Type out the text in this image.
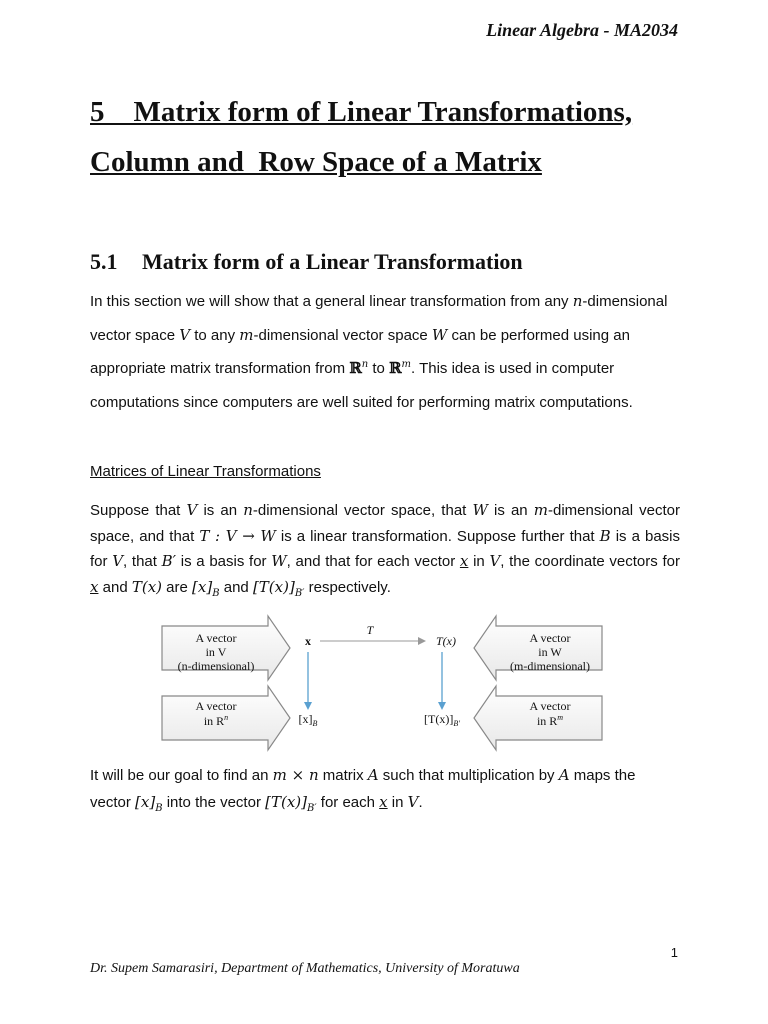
Linear Algebra - MA2034
5    Matrix form of Linear Transformations,
Column and  Row Space of a Matrix
5.1 Matrix form of a Linear Transformation
In this section we will show that a general linear transformation from any n-dimensional vector space V to any m-dimensional vector space W can be performed using an appropriate matrix transformation from ℝ$^n$ to ℝ$^m$. This idea is used in computer computations since computers are well suited for performing matrix computations.
Matrices of Linear Transformations
Suppose that V is an n-dimensional vector space, that W is an m-dimensional vector space, and that T : V → W is a linear transformation. Suppose further that B is a basis for V, that B′ is a basis for W, and that for each vector x in V, the coordinate vectors for x and T(x) are $[x]_B$ and $[T(x)]_{B'}$ respectively.
A vector
in V
(n-dimensional)
A vector
in $R^n$
A vector
in W
(m-dimensional)
A vector
in $R^m$
x
T
T(x)
$[x]_B$	$[T(x)]_{B'}$
It will be our goal to find an m × n matrix A such that multiplication by A maps the vector $[x]_B$ into the vector $[T(x)]_{B'}$ for each x in V.
1
Dr. Supem Samarasiri, Department of Mathematics, University of Moratuwa
